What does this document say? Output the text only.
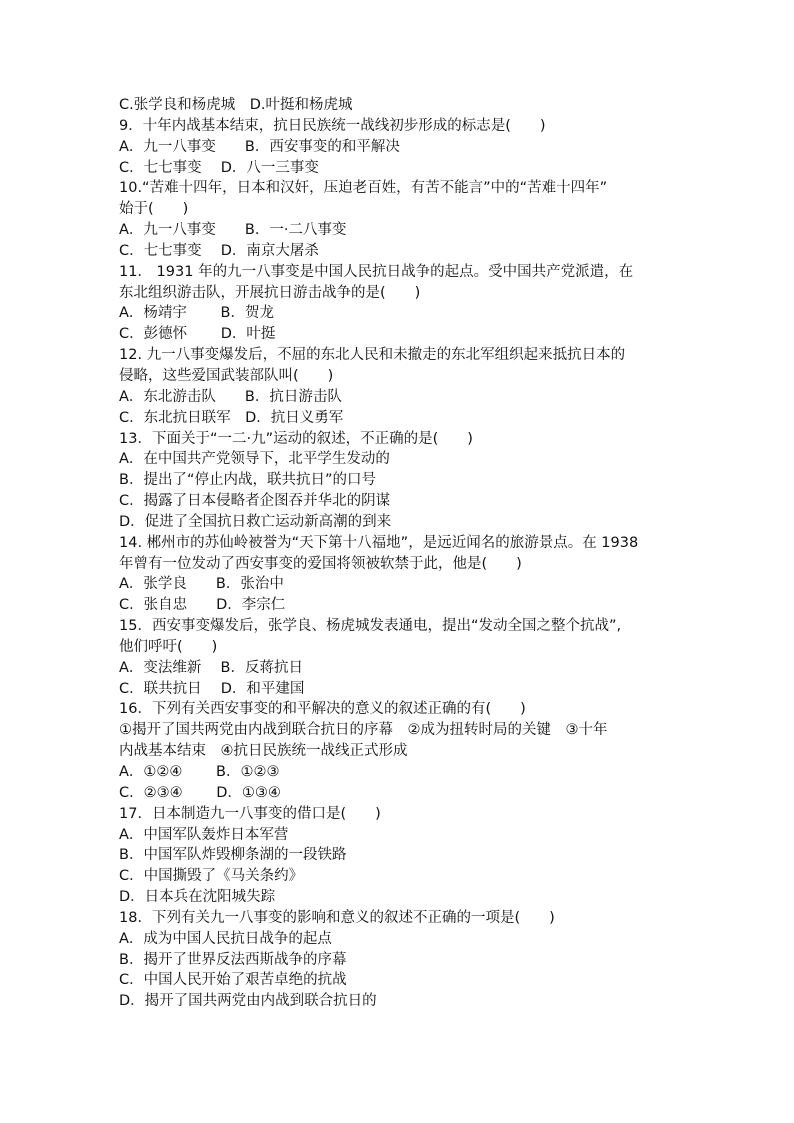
C.张学良和杨虎城　D.叶挺和杨虎城
9．十年内战基本结束，抗日民族统一战线初步形成的标志是(　　)
A．九一八事变　　B．西安事变的和平解决
C．七七事变　 D．八一三事变
10.“苦难十四年，日本和汉奸，压迫老百姓，有苦不能言”中的“苦难十四年”
始于(　　)
A．九一八事变　　B．一·二八事变
C．七七事变　 D．南京大屠杀
11． 1931 年的九一八事变是中国人民抗日战争的起点。受中国共产党派遣，在
东北组织游击队，开展抗日游击战争的是(　　)
A．杨靖宇　　 B．贺龙
C．彭德怀　　 D．叶挺
12. 九一八事变爆发后，不屈的东北人民和未撤走的东北军组织起来抵抗日本的
侵略，这些爱国武装部队叫(　　)
A．东北游击队　　B．抗日游击队
C．东北抗日联军　D．抗日义勇军
13．下面关于“一二·九”运动的叙述，不正确的是(　　)
A．在中国共产党领导下，北平学生发动的
B．提出了“停止内战，联共抗日”的口号
C．揭露了日本侵略者企图吞并华北的阴谋
D．促进了全国抗日救亡运动新高潮的到来
14. 郴州市的苏仙岭被誉为“天下第十八福地”，是远近闻名的旅游景点。在 1938
年曾有一位发动了西安事变的爱国将领被软禁于此，他是(　　)
A．张学良　　B．张治中
C．张自忠　　D．李宗仁
15．西安事变爆发后，张学良、杨虎城发表通电，提出“发动全国之整个抗战”,
他们呼吁(　　)
A．变法维新　 B．反蒋抗日
C．联共抗日　 D．和平建国
16．下列有关西安事变的和平解决的意义的叙述正确的有(　　)
①揭开了国共两党由内战到联合抗日的序幕　②成为扭转时局的关键　③十年
内战基本结束　④抗日民族统一战线正式形成
A．①②④　　 B．①②③
C．②③④　　 D．①③④
17．日本制造九一八事变的借口是(　　)
A．中国军队轰炸日本军营
B．中国军队炸毁柳条湖的一段铁路
C．中国撕毁了《马关条约》
D．日本兵在沈阳城失踪
18．下列有关九一八事变的影响和意义的叙述不正确的一项是(　　)
A．成为中国人民抗日战争的起点
B．揭开了世界反法西斯战争的序幕
C．中国人民开始了艰苦卓绝的抗战
D．揭开了国共两党由内战到联合抗日的
